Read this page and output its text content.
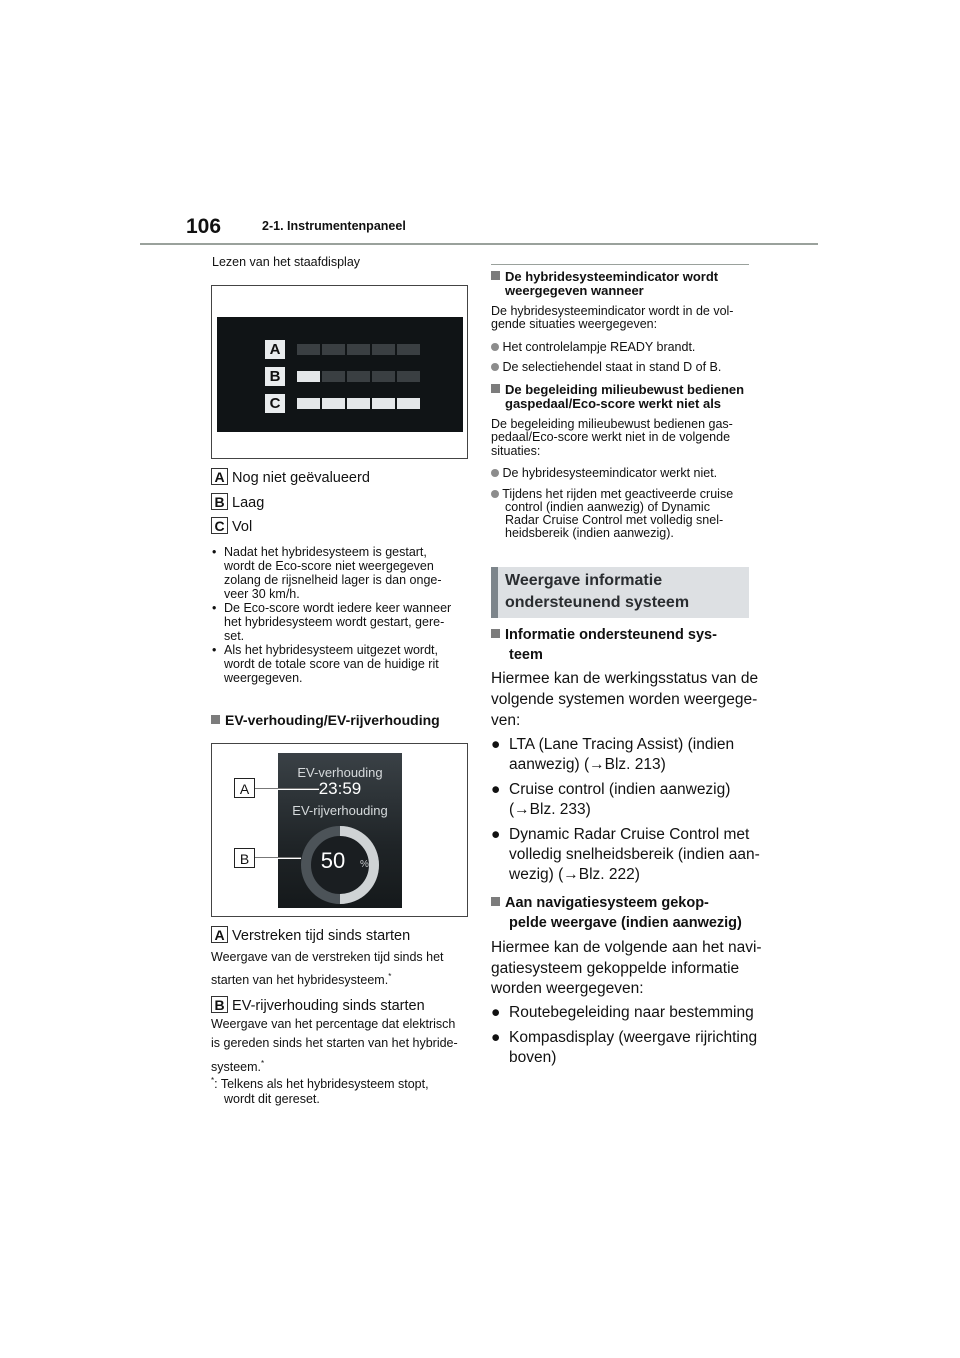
106	2-1. Instrumentenpaneel
Lezen van het staafdisplay
A
B
C
A Nog niet geëvalueerd
B Laag
C Vol
• Nadat het hybridesysteem is gestart,
wordt de Eco-score niet weergegeven
zolang de rijsnelheid lager is dan onge-
veer 30 km/h.
• De Eco-score wordt iedere keer wanneer
het hybridesysteem wordt gestart, gere-
set.
• Als het hybridesysteem uitgezet wordt,
wordt de totale score van de huidige rit
weergegeven.
EV-verhouding/EV-rijverhouding
EV-verhouding
23:59
EV-rijverhouding
50	%
A
B
A Verstreken tijd sinds starten
Weergave van de verstreken tijd sinds het
starten van het hybridesysteem.*
B EV-rijverhouding sinds starten
Weergave van het percentage dat elektrisch
is gereden sinds het starten van het hybride-
systeem.*
*: Telkens als het hybridesysteem stopt,
wordt dit gereset.
De hybridesysteemindicator wordt
weergegeven wanneer
De hybridesysteemindicator wordt in de vol-
gende situaties weergegeven:
Het controlelampje READY brandt.
De selectiehendel staat in stand D of B.
De begeleiding milieubewust bedienen
gaspedaal/Eco-score werkt niet als
De begeleiding milieubewust bedienen gas-
pedaal/Eco-score werkt niet in de volgende
situaties:
De hybridesysteemindicator werkt niet.
Tijdens het rijden met geactiveerde cruise
control (indien aanwezig) of Dynamic
Radar Cruise Control met volledig snel-
heidsbereik (indien aanwezig).
Weergave informatie
ondersteunend systeem
Informatie ondersteunend sys-
teem
Hiermee kan de werkingsstatus van de
volgende systemen worden weergege-
ven:
● LTA (Lane Tracing Assist) (indien
aanwezig) (→Blz. 213)
● Cruise control (indien aanwezig)
(→Blz. 233)
● Dynamic Radar Cruise Control met
volledig snelheidsbereik (indien aan-
wezig) (→Blz. 222)
Aan navigatiesysteem gekop-
pelde weergave (indien aanwezig)
Hiermee kan de volgende aan het navi-
gatiesysteem gekoppelde informatie
worden weergegeven:
● Routebegeleiding naar bestemming
● Kompasdisplay (weergave rijrichting
boven)
